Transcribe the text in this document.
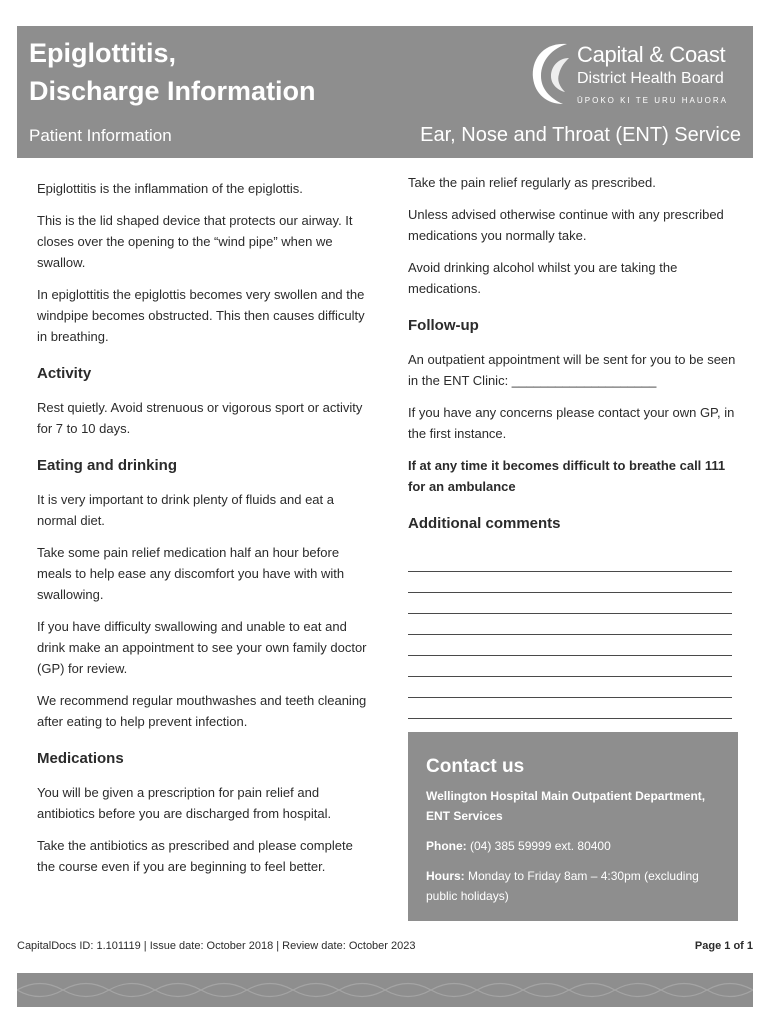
Epiglottitis,
Discharge Information
Capital & Coast
District Health Board
ŪPOKO KI TE URU HAUORA
Patient Information	Ear, Nose and Throat (ENT) Service

Epiglottitis is the inflammation of the epiglottis.

This is the lid shaped device that protects our airway. It closes over the opening to the “wind pipe” when we swallow.

In epiglottitis the epiglottis becomes very swollen and the windpipe becomes obstructed. This then causes difficulty in breathing.

Activity

Rest quietly. Avoid strenuous or vigorous sport or activity for 7 to 10 days.

Eating and drinking

It is very important to drink plenty of fluids and eat a normal diet.

Take some pain relief medication half an hour before meals to help ease any discomfort you have with with swallowing.

If you have difficulty swallowing and unable to eat and drink make an appointment to see your own family doctor (GP) for review.

We recommend regular mouthwashes and teeth cleaning after eating to help prevent infection.

Medications

You will be given a prescription for pain relief and antibiotics before you are discharged from hospital.

Take the antibiotics as prescribed and please complete the course even if you are beginning to feel better.

Take the pain relief regularly as prescribed.

Unless advised otherwise continue with any prescribed medications you normally take.

Avoid drinking alcohol whilst you are taking the medications.

Follow-up

An outpatient appointment will be sent for you to be seen in the ENT Clinic: ____________________

If you have any concerns please contact your own GP, in the first instance.

If at any time it becomes difficult to breathe call 111 for an ambulance

Additional comments
Contact us

Wellington Hospital Main Outpatient Department, ENT Services

Phone: (04) 385 59999 ext. 80400

Hours: Monday to Friday 8am – 4:30pm (excluding public holidays)

CapitalDocs ID: 1.101119 | Issue date: October 2018 | Review date: October 2023	Page 1 of 1
